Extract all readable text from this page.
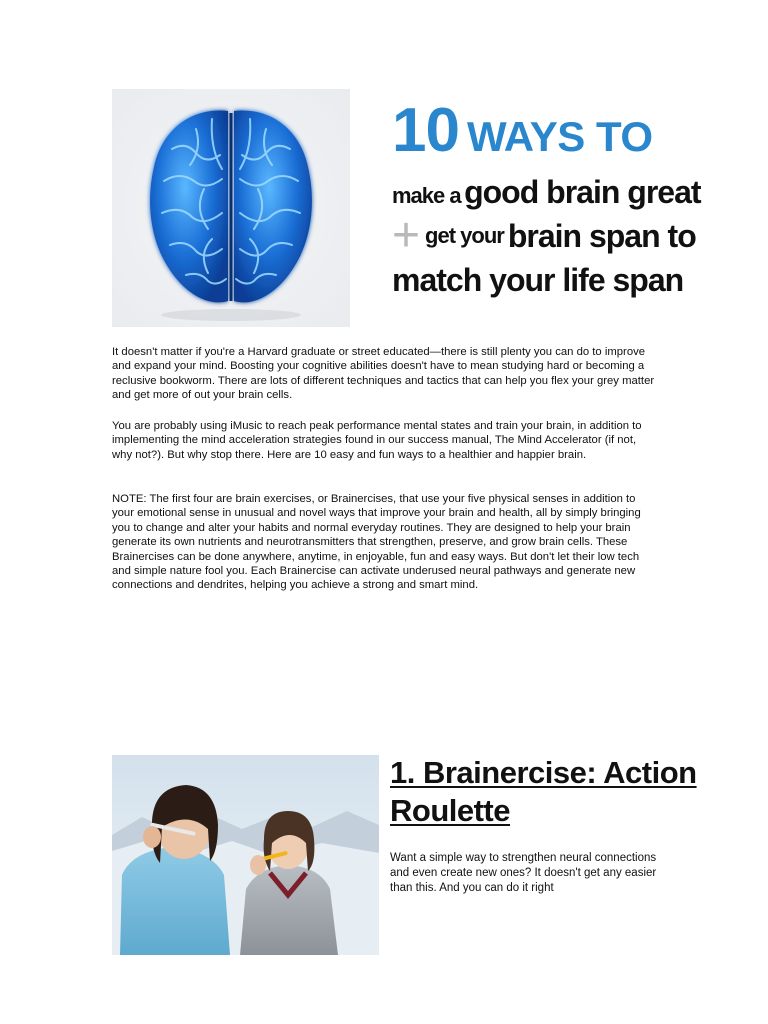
10 WAYS TO
make a good brain great
+ get your brain span to
match your life span

It doesn't matter if you're a Harvard graduate or street educated—there is still plenty you can do to improve and expand your mind. Boosting your cognitive abilities doesn't have to mean studying hard or becoming a reclusive bookworm. There are lots of different techniques and tactics that can help you flex your grey matter and get more of out your brain cells.

You are probably using iMusic to reach peak performance mental states and train your brain, in addition to implementing the mind acceleration strategies found in our success manual, The Mind Accelerator (if not, why not?). But why stop there. Here are 10 easy and fun ways to a healthier and happier brain.

NOTE: The first four are brain exercises, or Brainercises, that use your five physical senses in addition to your emotional sense in unusual and novel ways that improve your brain and health, all by simply bringing you to change and alter your habits and normal everyday routines. They are designed to help your brain generate its own nutrients and neurotransmitters that strengthen, preserve, and grow brain cells. These Brainercises can be done anywhere, anytime, in enjoyable, fun and easy ways. But don't let their low tech and simple nature fool you. Each Brainercise can activate underused neural pathways and generate new connections and dendrites, helping you achieve a strong and smart mind.

1. Brainercise: Action Roulette

Want a simple way to strengthen neural connections and even create new ones? It doesn't get any easier than this. And you can do it right
